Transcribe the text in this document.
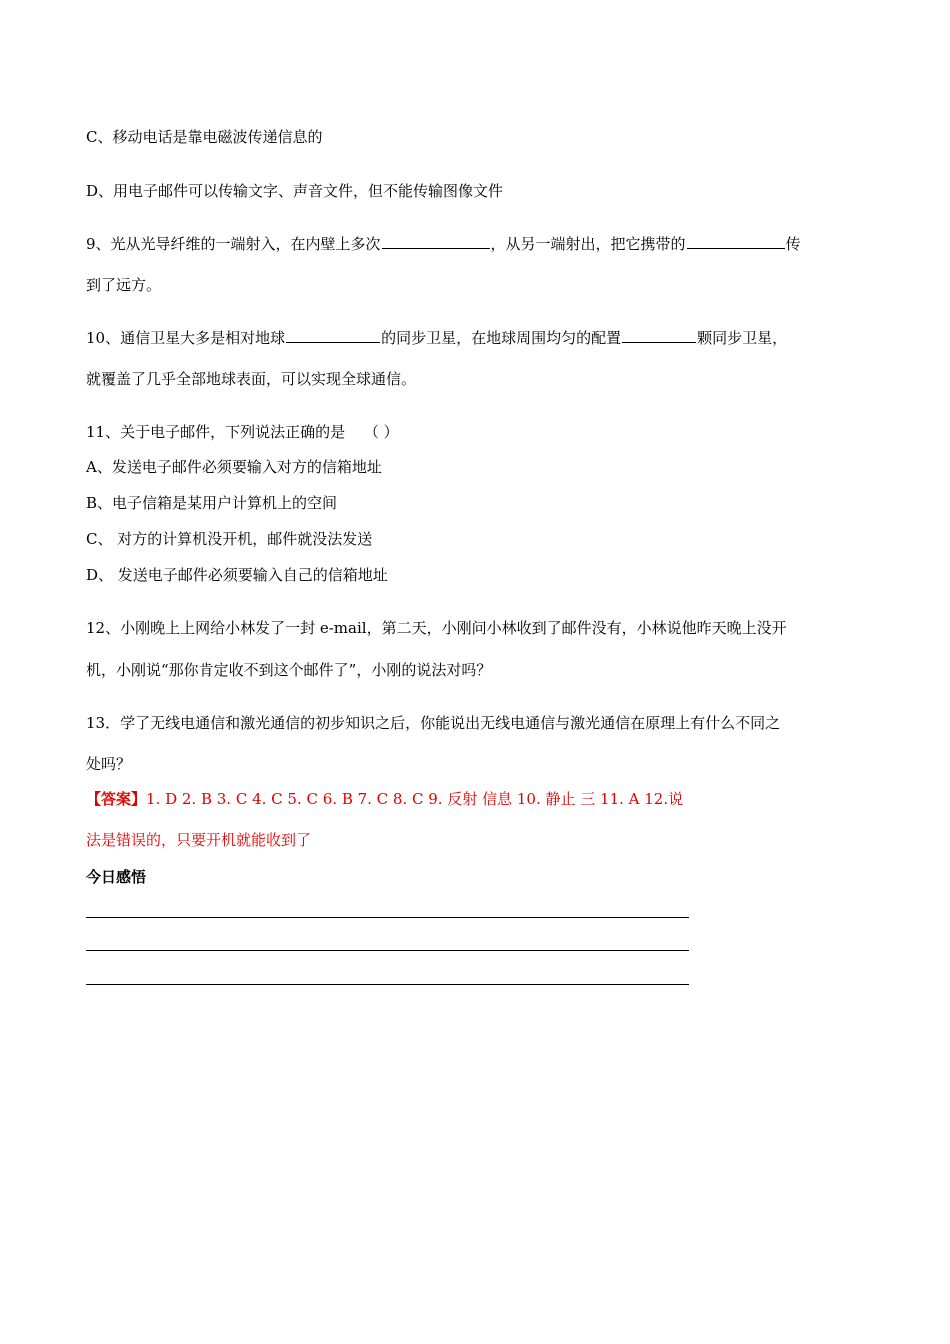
C、移动电话是靠电磁波传递信息的
D、用电子邮件可以传输文字、声音文件，但不能传输图像文件
9、光从光导纤维的一端射入，在内壁上多次	，从另一端射出，把它携带的	传
到了远方。
10、通信卫星大多是相对地球	的同步卫星，在地球周围均匀的配置	颗同步卫星，
就覆盖了几乎全部地球表面，可以实现全球通信。
11、关于电子邮件，下列说法正确的是 （ ）
A、发送电子邮件必须要输入对方的信箱地址
B、电子信箱是某用户计算机上的空间
C、 对方的计算机没开机，邮件就没法发送
D、 发送电子邮件必须要输入自己的信箱地址
12、小刚晚上上网给小林发了一封 e-mail，第二天，小刚问小林收到了邮件没有，小林说他昨天晚上没开
机，小刚说“那你肯定收不到这个邮件了”，小刚的说法对吗？
13．学了无线电通信和激光通信的初步知识之后，你能说出无线电通信与激光通信在原理上有什么不同之
处吗？
【答案】1. D 2. B 3. C 4. C 5. C 6. B 7. C 8. C 9. 反射 信息 10. 静止 三 11. A 12.说
法是错误的，只要开机就能收到了
今日感悟
